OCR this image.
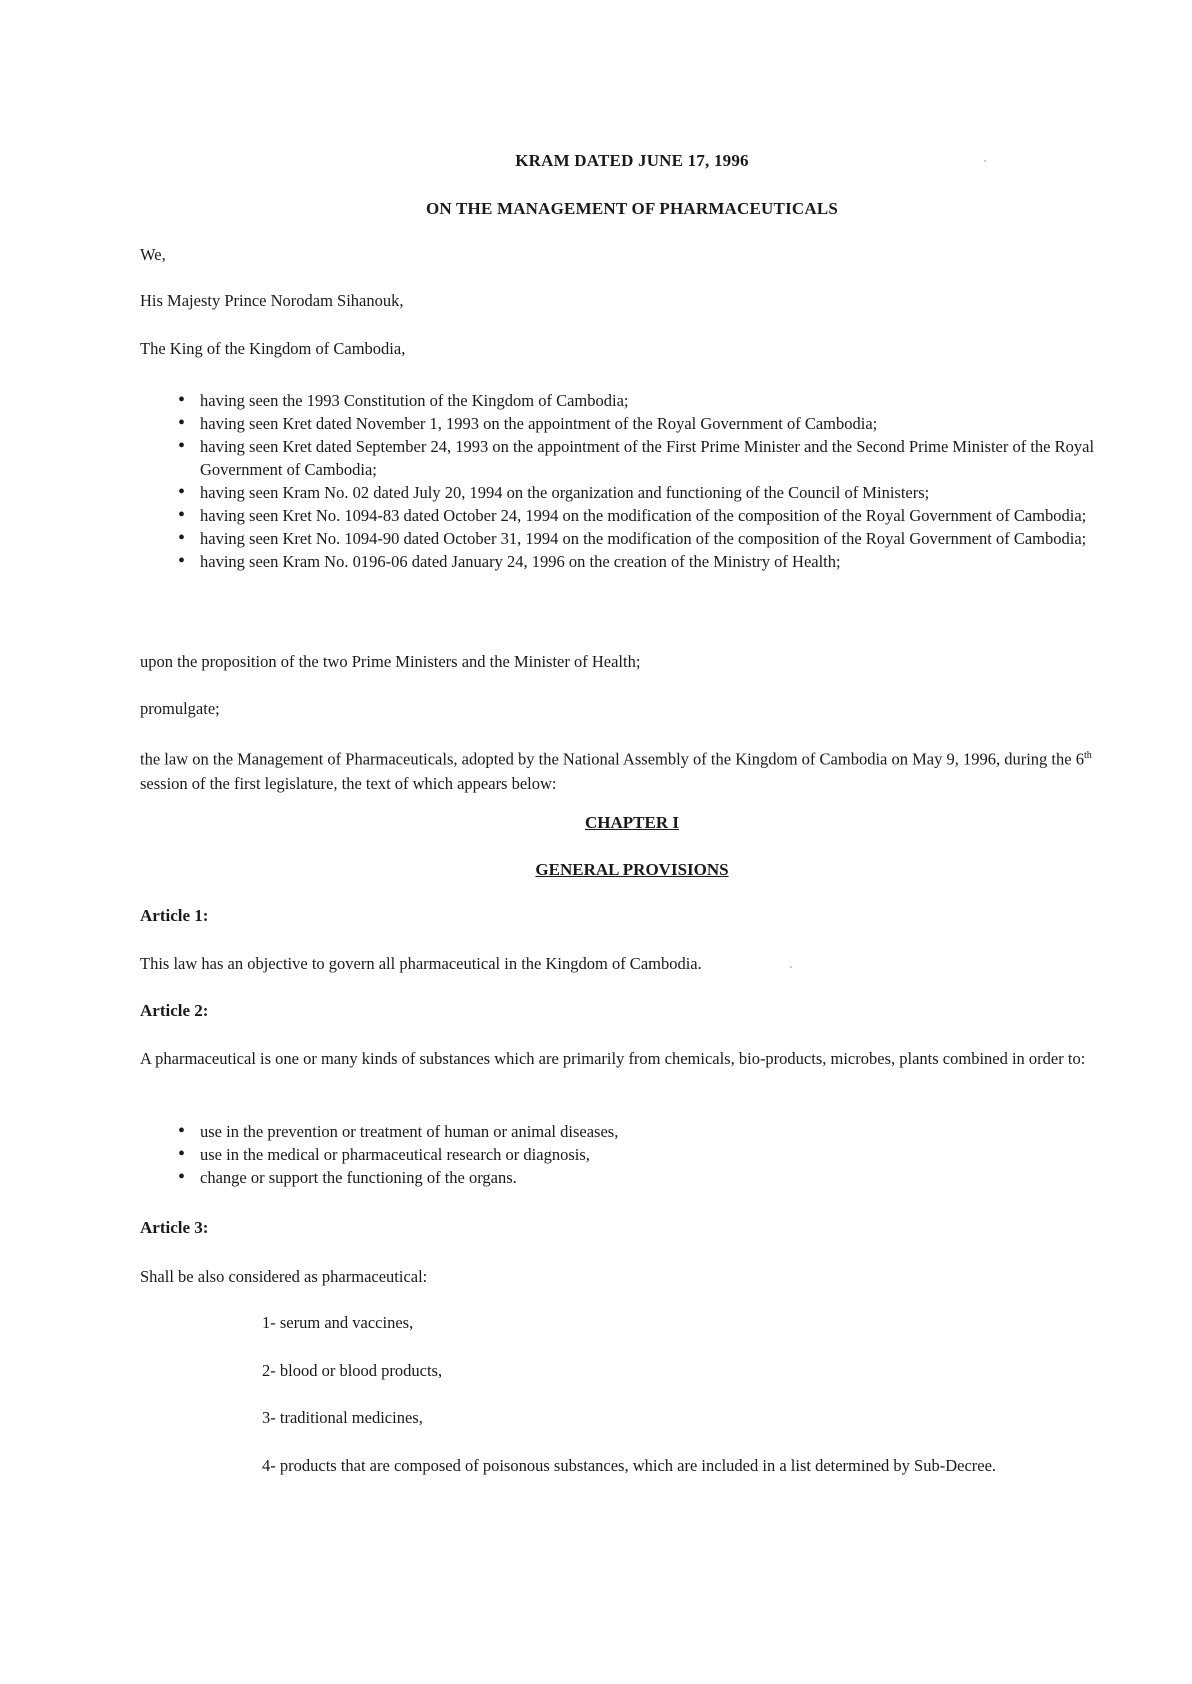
KRAM DATED JUNE 17, 1996

ON THE MANAGEMENT OF PHARMACEUTICALS

We,

His Majesty Prince Norodam Sihanouk,

The King of the Kingdom of Cambodia,

• having seen the 1993 Constitution of the Kingdom of Cambodia;
• having seen Kret dated November 1, 1993 on the appointment of the Royal Government of Cambodia;
• having seen Kret dated September 24, 1993 on the appointment of the First Prime Minister and the Second Prime Minister of the Royal Government of Cambodia;
• having seen Kram No. 02 dated July 20, 1994 on the organization and functioning of the Council of Ministers;
• having seen Kret No. 1094-83 dated October 24, 1994 on the modification of the composition of the Royal Government of Cambodia;
• having seen Kret No. 1094-90 dated October 31, 1994 on the modification of the composition of the Royal Government of Cambodia;
• having seen Kram No. 0196-06 dated January 24, 1996 on the creation of the Ministry of Health;

upon the proposition of the two Prime Ministers and the Minister of Health;

promulgate;

the law on the Management of Pharmaceuticals, adopted by the National Assembly of the Kingdom of Cambodia on May 9, 1996, during the 6th session of the first legislature, the text of which appears below:

CHAPTER I

GENERAL PROVISIONS

Article 1:

This law has an objective to govern all pharmaceutical in the Kingdom of Cambodia.

Article 2:

A pharmaceutical is one or many kinds of substances which are primarily from chemicals, bio-products, microbes, plants combined in order to:

• use in the prevention or treatment of human or animal diseases,
• use in the medical or pharmaceutical research or diagnosis,
• change or support the functioning of the organs.

Article 3:

Shall be also considered as pharmaceutical:

1- serum and vaccines,

2- blood or blood products,

3- traditional medicines,

4- products that are composed of poisonous substances, which are included in a list determined by Sub-Decree.
